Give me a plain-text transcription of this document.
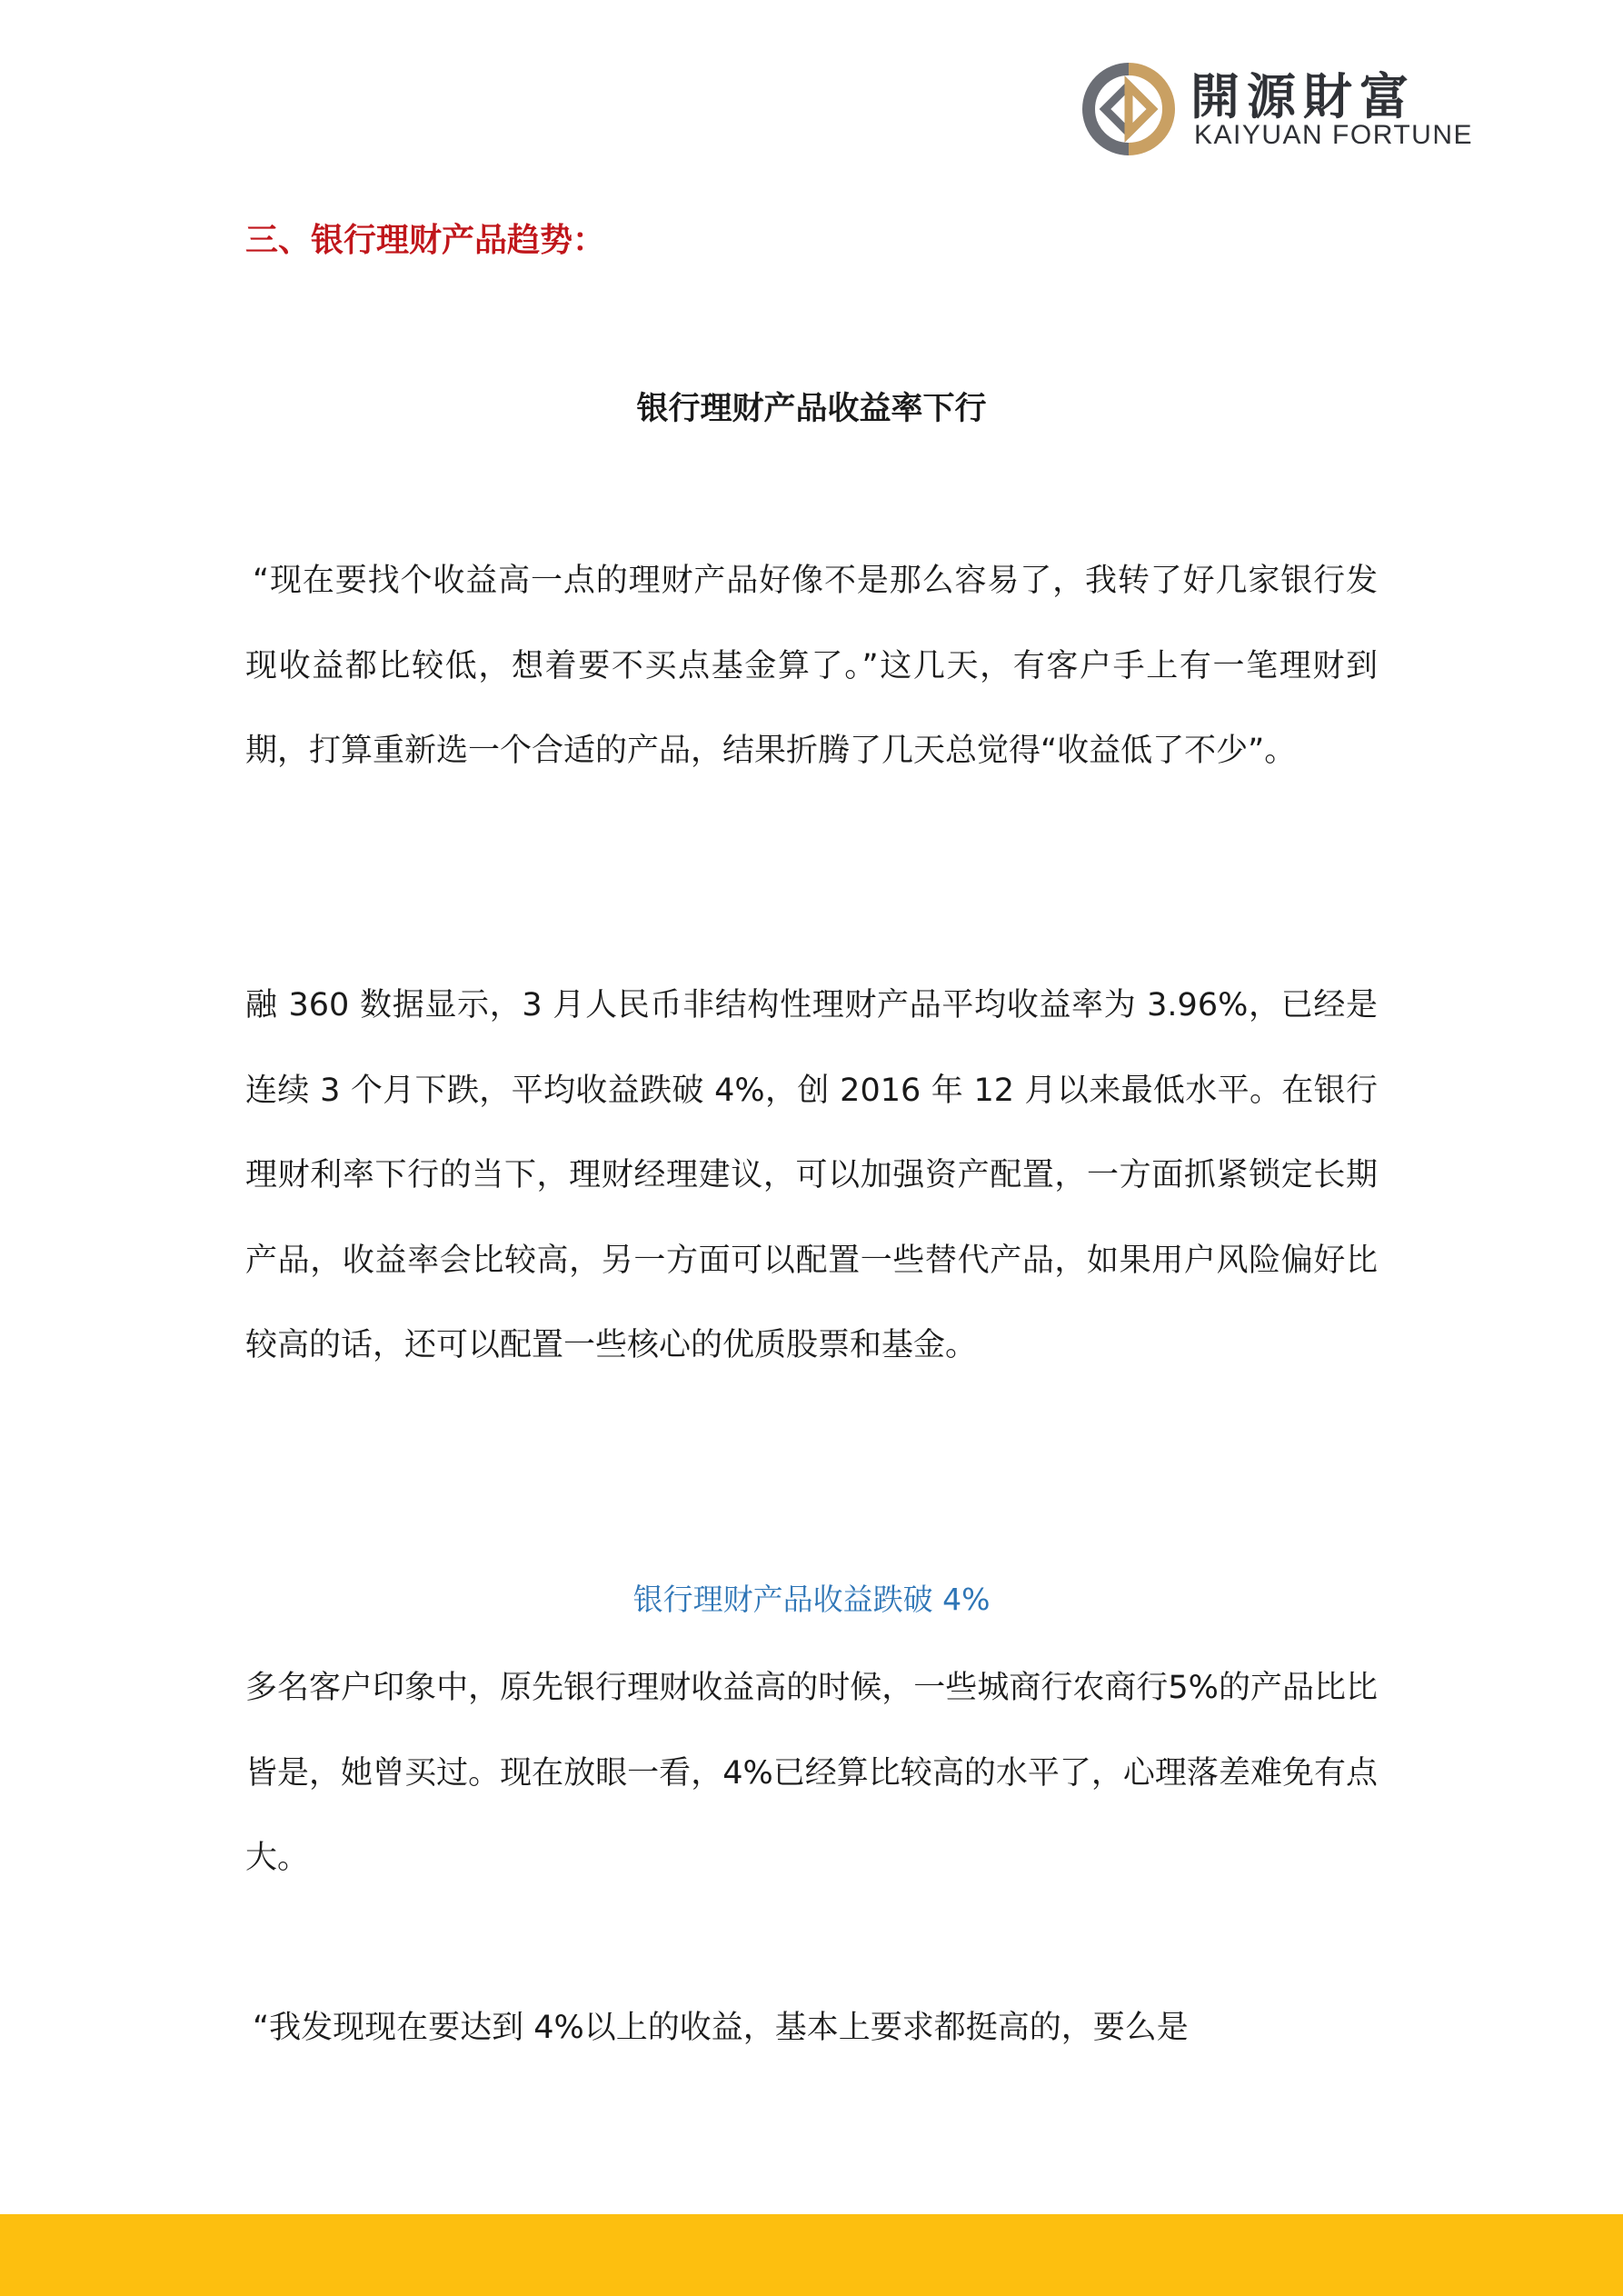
開源財富
KAIYUAN FORTUNE
三、银行理财产品趋势：
银行理财产品收益率下行

“现在要找个收益高一点的理财产品好像不是那么容易了，我转了好几家银行发现收益都比较低，想着要不买点基金算了。”这几天，有客户手上有一笔理财到期，打算重新选一个合适的产品，结果折腾了几天总觉得“收益低了不少”。

融 360 数据显示，3 月人民币非结构性理财产品平均收益率为 3.96%，已经是连续 3 个月下跌，平均收益跌破 4%，创 2016 年 12 月以来最低水平。在银行理财利率下行的当下，理财经理建议，可以加强资产配置，一方面抓紧锁定长期产品，收益率会比较高，另一方面可以配置一些替代产品，如果用户风险偏好比较高的话，还可以配置一些核心的优质股票和基金。

银行理财产品收益跌破 4%

多名客户印象中，原先银行理财收益高的时候，一些城商行农商行5%的产品比比皆是，她曾买过。现在放眼一看，4%已经算比较高的水平了，心理落差难免有点大。

“我发现现在要达到 4%以上的收益，基本上要求都挺高的，要么是
